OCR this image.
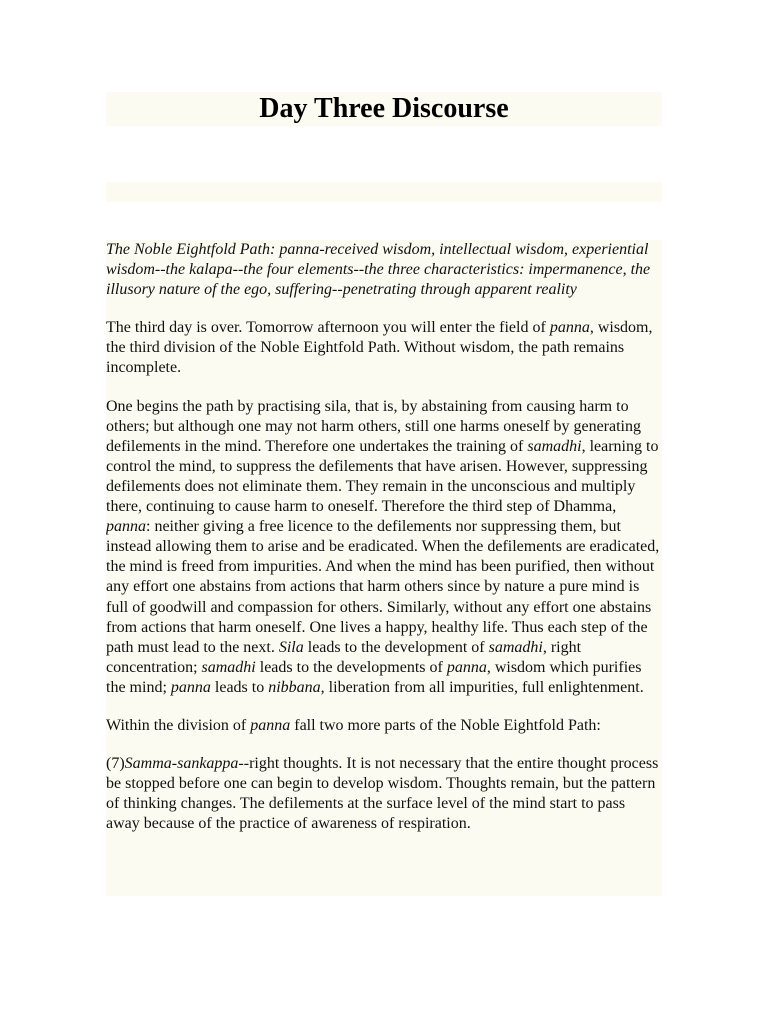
Day Three Discourse

The Noble Eightfold Path: panna-received wisdom, intellectual wisdom, experiential wisdom--the kalapa--the four elements--the three characteristics: impermanence, the illusory nature of the ego, suffering--penetrating through apparent reality

The third day is over. Tomorrow afternoon you will enter the field of panna, wisdom, the third division of the Noble Eightfold Path. Without wisdom, the path remains incomplete.

One begins the path by practising sila, that is, by abstaining from causing harm to others; but although one may not harm others, still one harms oneself by generating defilements in the mind. Therefore one undertakes the training of samadhi, learning to control the mind, to suppress the defilements that have arisen. However, suppressing defilements does not eliminate them. They remain in the unconscious and multiply there, continuing to cause harm to oneself. Therefore the third step of Dhamma, panna: neither giving a free licence to the defilements nor suppressing them, but instead allowing them to arise and be eradicated. When the defilements are eradicated, the mind is freed from impurities. And when the mind has been purified, then without any effort one abstains from actions that harm others since by nature a pure mind is full of goodwill and compassion for others. Similarly, without any effort one abstains from actions that harm oneself. One lives a happy, healthy life. Thus each step of the path must lead to the next. Sila leads to the development of samadhi, right concentration; samadhi leads to the developments of panna, wisdom which purifies the mind; panna leads to nibbana, liberation from all impurities, full enlightenment.

Within the division of panna fall two more parts of the Noble Eightfold Path:

(7)Samma-sankappa--right thoughts. It is not necessary that the entire thought process be stopped before one can begin to develop wisdom. Thoughts remain, but the pattern of thinking changes. The defilements at the surface level of the mind start to pass away because of the practice of awareness of respiration.
